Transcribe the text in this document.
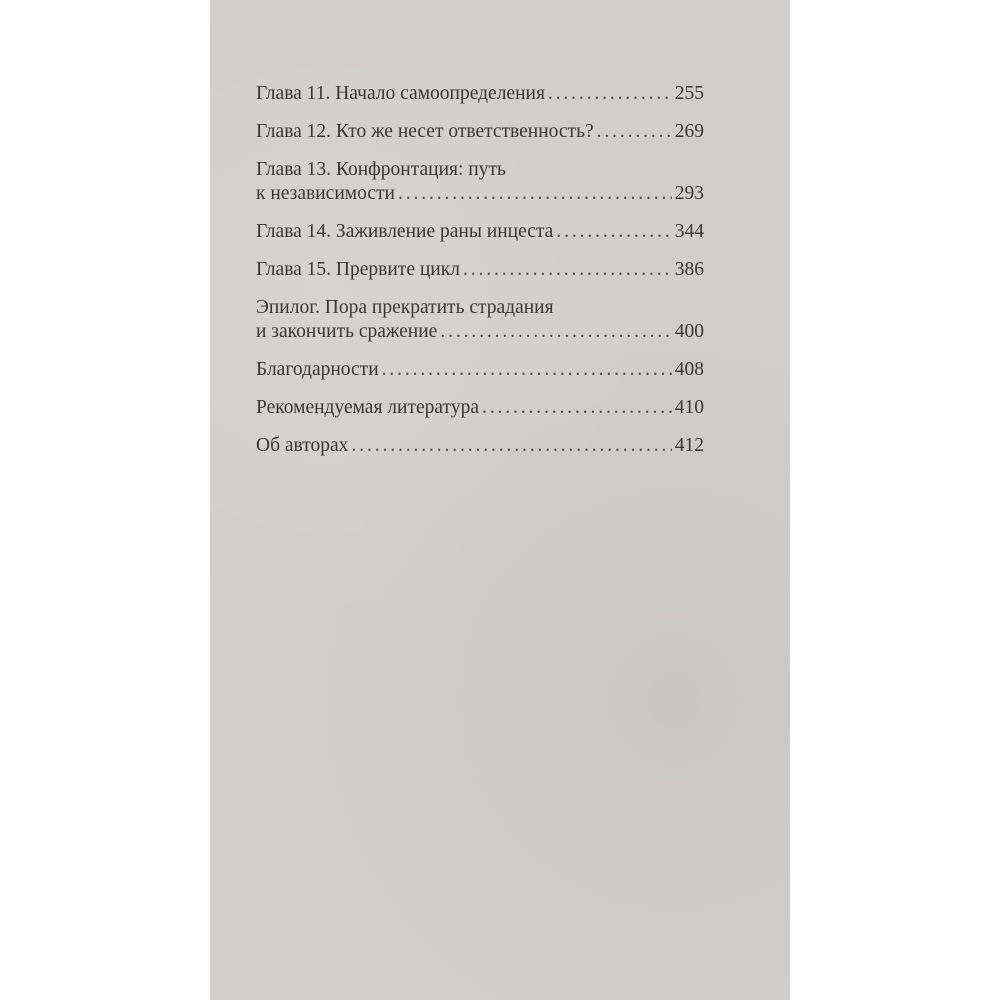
Глава 11. Начало самоопределения . . .	255
Глава 12. Кто же несет ответственность? . . .	269
Глава 13. Конфронтация: путь
к независимости . . .	293
Глава 14. Заживление раны инцеста . . .	344
Глава 15. Прервите цикл . . .	386
Эпилог. Пора прекратить страдания
и закончить сражение . . .	400
Благодарности . . .	408
Рекомендуемая литература . . .	410
Об авторах . . .	412
